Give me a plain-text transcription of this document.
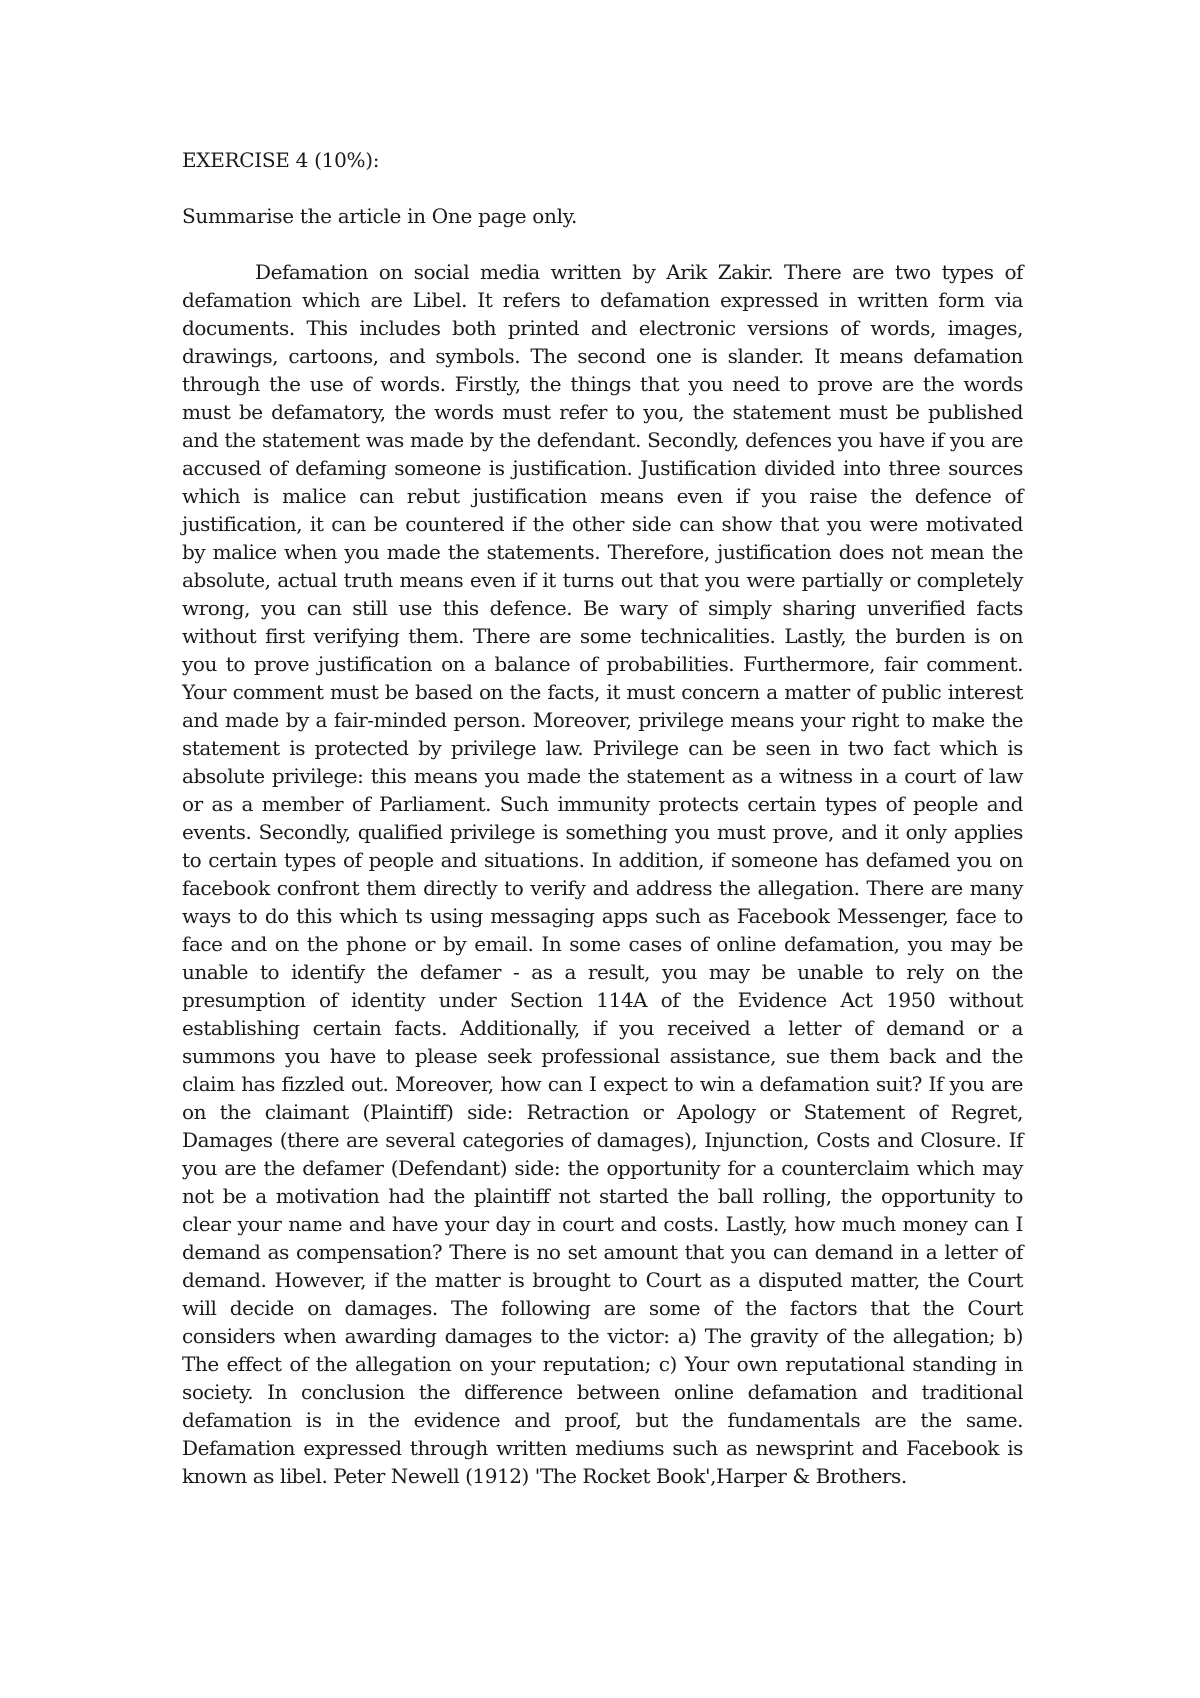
EXERCISE 4 (10%):

Summarise the article in One page only.

Defamation on social media written by Arik Zakir. There are two types of defamation which are Libel. It refers to defamation expressed in written form via documents. This includes both printed and electronic versions of words, images, drawings, cartoons, and symbols. The second one is slander. It means defamation through the use of words. Firstly, the things that you need to prove are the words must be defamatory, the words must refer to you, the statement must be published and the statement was made by the defendant. Secondly, defences you have if you are accused of defaming someone is justification. Justification divided into three sources which is malice can rebut justification means even if you raise the defence of justification, it can be countered if the other side can show that you were motivated by malice when you made the statements. Therefore, justification does not mean the absolute, actual truth means even if it turns out that you were partially or completely wrong, you can still use this defence. Be wary of simply sharing unverified facts without first verifying them. There are some technicalities. Lastly, the burden is on you to prove justification on a balance of probabilities. Furthermore, fair comment. Your comment must be based on the facts, it must concern a matter of public interest and made by a fair-minded person. Moreover, privilege means your right to make the statement is protected by privilege law. Privilege can be seen in two fact which is absolute privilege: this means you made the statement as a witness in a court of law or as a member of Parliament. Such immunity protects certain types of people and events. Secondly, qualified privilege is something you must prove, and it only applies to certain types of people and situations. In addition, if someone has defamed you on facebook confront them directly to verify and address the allegation. There are many ways to do this which ts using messaging apps such as Facebook Messenger, face to face and on the phone or by email. In some cases of online defamation, you may be unable to identify the defamer - as a result, you may be unable to rely on the presumption of identity under Section 114A of the Evidence Act 1950 without establishing certain facts. Additionally, if you received a letter of demand or a summons you have to please seek professional assistance, sue them back and the claim has fizzled out. Moreover, how can I expect to win a defamation suit? If you are on the claimant (Plaintiff) side: Retraction or Apology or Statement of Regret, Damages (there are several categories of damages), Injunction, Costs and Closure. If you are the defamer (Defendant) side: the opportunity for a counterclaim which may not be a motivation had the plaintiff not started the ball rolling, the opportunity to clear your name and have your day in court and costs. Lastly, how much money can I demand as compensation? There is no set amount that you can demand in a letter of demand. However, if the matter is brought to Court as a disputed matter, the Court will decide on damages. The following are some of the factors that the Court considers when awarding damages to the victor: a) The gravity of the allegation; b) The effect of the allegation on your reputation; c) Your own reputational standing in society. In conclusion the difference between online defamation and traditional defamation is in the evidence and proof, but the fundamentals are the same. Defamation expressed through written mediums such as newsprint and Facebook is known as libel. Peter Newell (1912) 'The Rocket Book',Harper & Brothers.
